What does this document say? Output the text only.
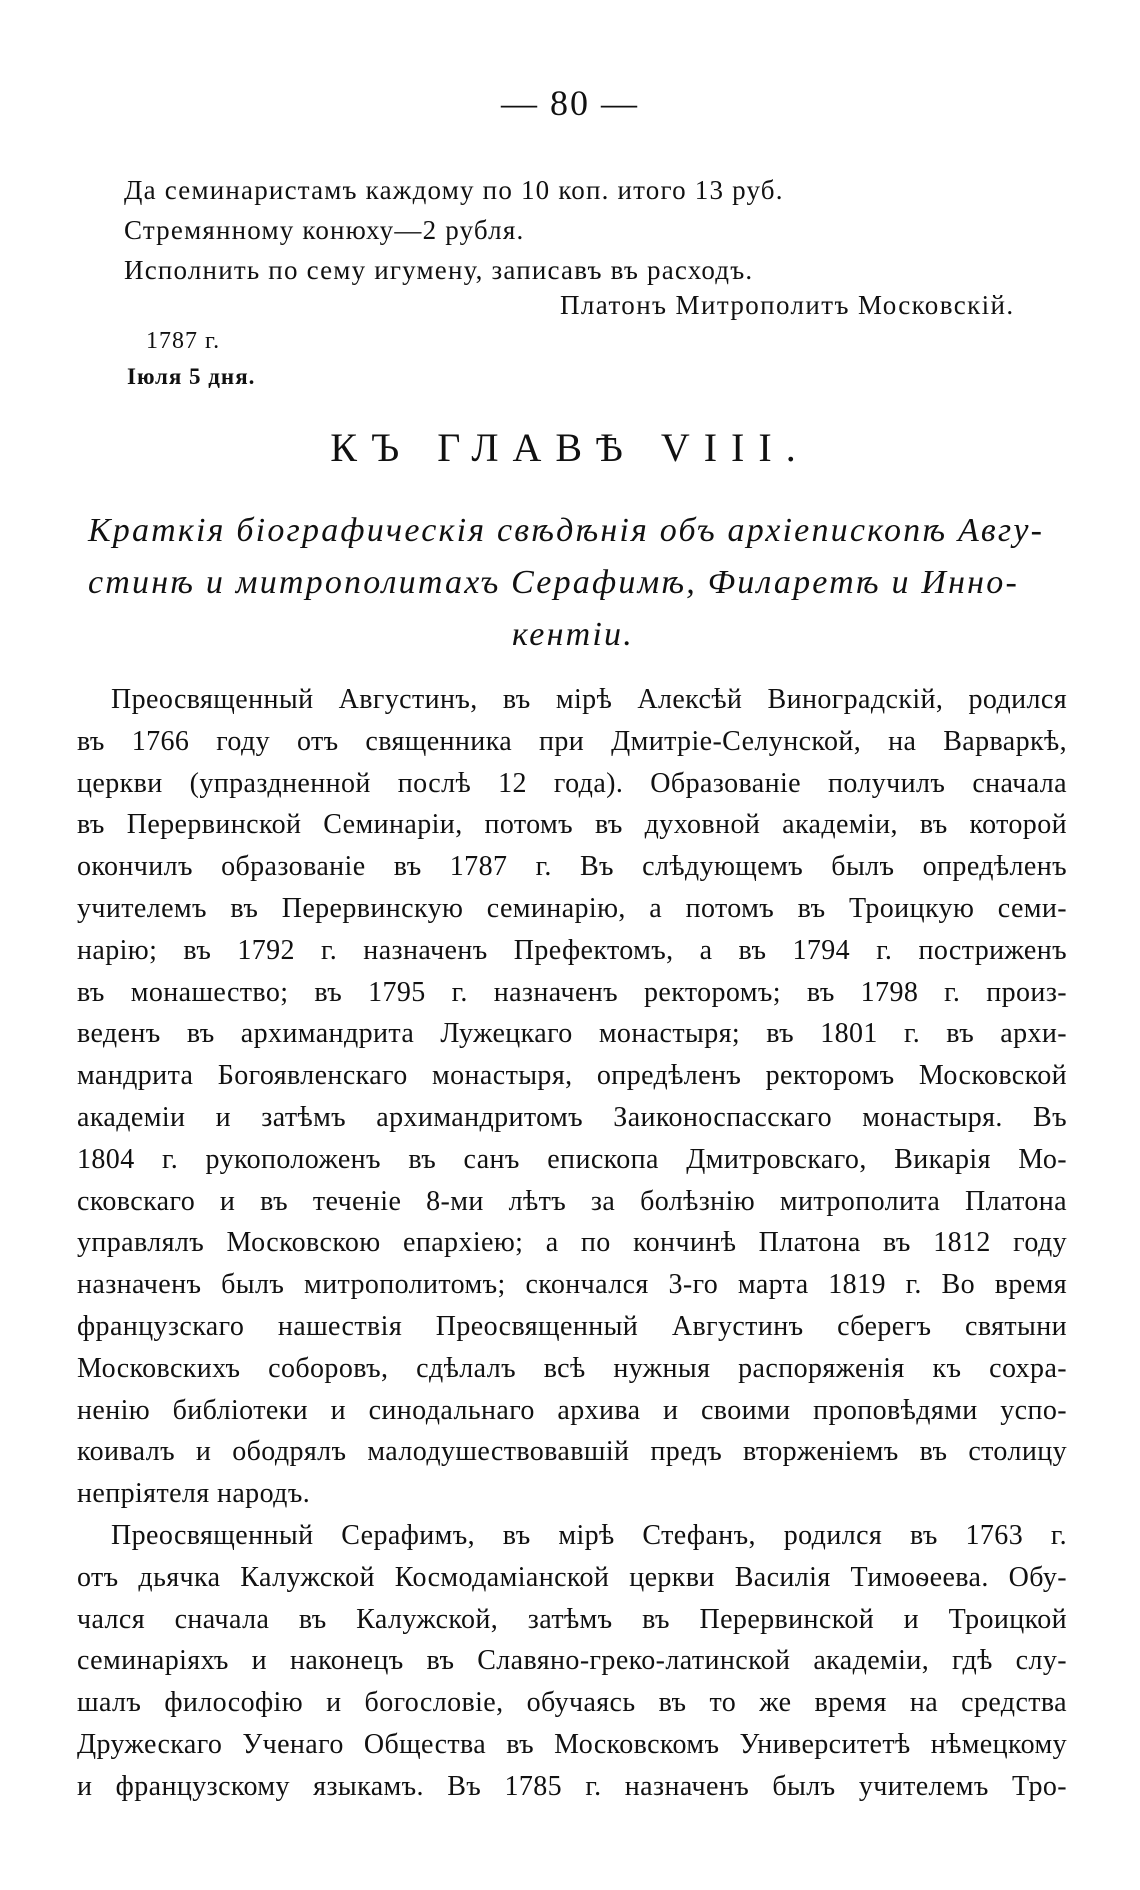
— 80 —
Да семинаристамъ каждому по 10 коп. итого 13 руб.
Стремянному конюху—2 рубля.
Исполнить по сему игумену, записавъ въ расходъ.
Платонъ Митрополитъ Московскій.
1787 г.
Іюля 5 дня.
КЪ ГЛАВѢ VIII.
Краткія біографическія свѣдѣнія объ архіепископѣ Авгу-
стинѣ и митрополитахъ Серафимѣ, Филаретѣ и Инно-
кентіи.
Преосвященный Августинъ, въ мірѣ Алексѣй Виноградскій, родился
въ 1766 году отъ священника при Дмитріе-Селунской, на Варваркѣ,
церкви (упраздненной послѣ 12 года). Образованіе получилъ сначала
въ Перервинской Семинаріи, потомъ въ духовной академіи, въ которой
окончилъ образованіе въ 1787 г. Въ слѣдующемъ былъ опредѣленъ
учителемъ въ Перервинскую семинарію, а потомъ въ Троицкую семи-
нарію; въ 1792 г. назначенъ Префектомъ, а въ 1794 г. постриженъ
въ монашество; въ 1795 г. назначенъ ректоромъ; въ 1798 г. произ-
веденъ въ архимандрита Лужецкаго монастыря; въ 1801 г. въ архи-
мандрита Богоявленскаго монастыря, опредѣленъ ректоромъ Московской
академіи и затѣмъ архимандритомъ Заиконоспасскаго монастыря. Въ
1804 г. рукоположенъ въ санъ епископа Дмитровскаго, Викарія Мо-
сковскаго и въ теченіе 8-ми лѣтъ за болѣзнію митрополита Платона
управлялъ Московскою епархіею; а по кончинѣ Платона въ 1812 году
назначенъ былъ митрополитомъ; скончался 3-го марта 1819 г. Во время
французскаго нашествія Преосвященный Августинъ сберегъ святыни
Московскихъ соборовъ, сдѣлалъ всѣ нужныя распоряженія къ сохра-
ненію библіотеки и синодальнаго архива и своими проповѣдями успо-
коивалъ и ободрялъ малодушествовавшій предъ вторженіемъ въ столицу
непріятеля народъ.
Преосвященный Серафимъ, въ мірѣ Стефанъ, родился въ 1763 г.
отъ дьячка Калужской Космодаміанской церкви Василія Тимоѳеева. Обу-
чался сначала въ Калужской, затѣмъ въ Перервинской и Троицкой
семинаріяхъ и наконецъ въ Славяно-греко-латинской академіи, гдѣ слу-
шалъ философію и богословіе, обучаясь въ то же время на средства
Дружескаго Ученаго Общества въ Московскомъ Университетѣ нѣмецкому
и французскому языкамъ. Въ 1785 г. назначенъ былъ учителемъ Тро-
